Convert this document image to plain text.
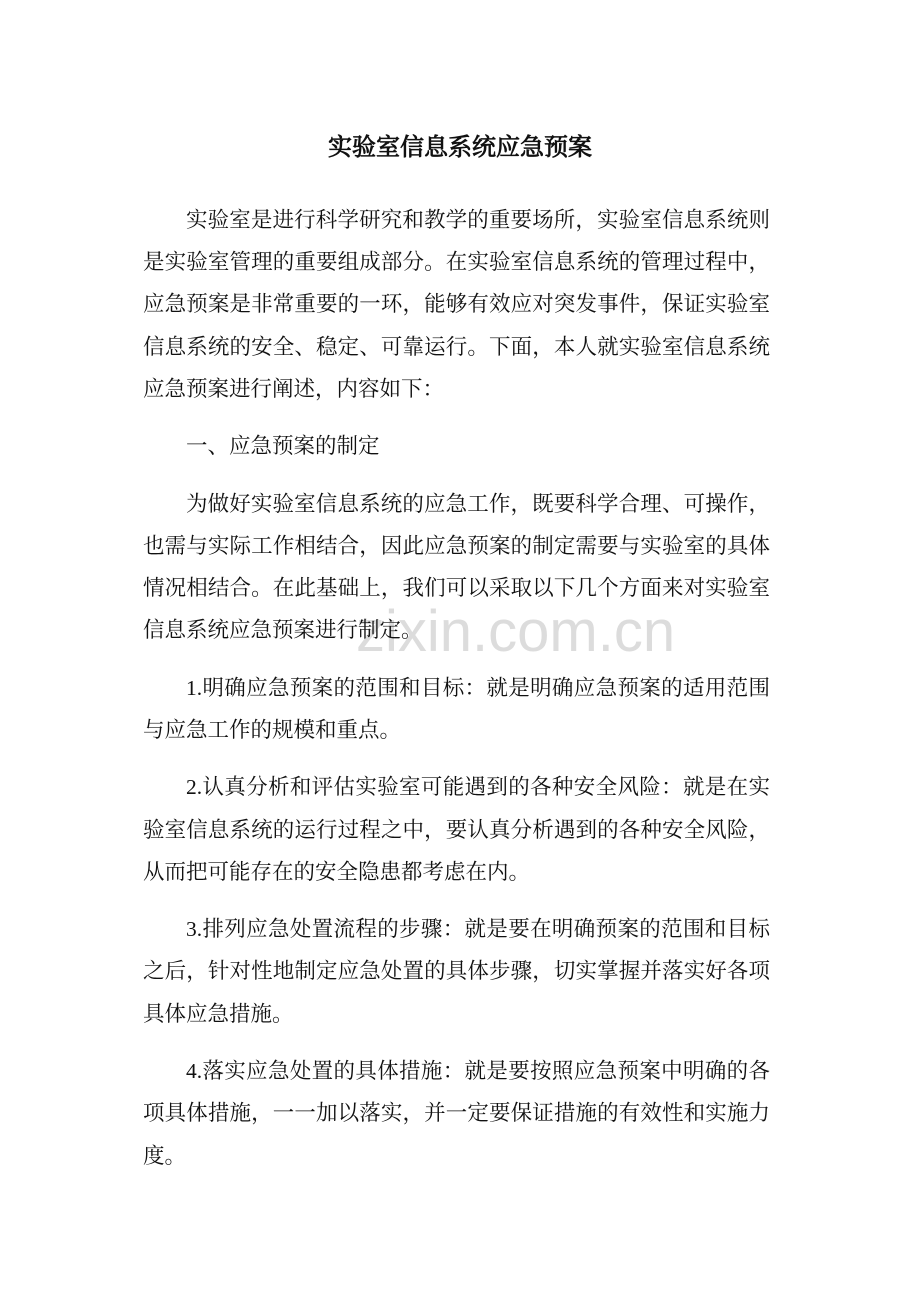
zixin.com.cn
实验室信息系统应急预案

实验室是进行科学研究和教学的重要场所，实验室信息系统则
是实验室管理的重要组成部分。在实验室信息系统的管理过程中，
应急预案是非常重要的一环，能够有效应对突发事件，保证实验室
信息系统的安全、稳定、可靠运行。下面，本人就实验室信息系统
应急预案进行阐述，内容如下：

一、应急预案的制定

为做好实验室信息系统的应急工作，既要科学合理、可操作，
也需与实际工作相结合，因此应急预案的制定需要与实验室的具体
情况相结合。在此基础上，我们可以采取以下几个方面来对实验室
信息系统应急预案进行制定。

1.明确应急预案的范围和目标：就是明确应急预案的适用范围
与应急工作的规模和重点。

2.认真分析和评估实验室可能遇到的各种安全风险：就是在实
验室信息系统的运行过程之中，要认真分析遇到的各种安全风险，
从而把可能存在的安全隐患都考虑在内。

3.排列应急处置流程的步骤：就是要在明确预案的范围和目标
之后，针对性地制定应急处置的具体步骤，切实掌握并落实好各项
具体应急措施。

4.落实应急处置的具体措施：就是要按照应急预案中明确的各
项具体措施，一一加以落实，并一定要保证措施的有效性和实施力
度。
